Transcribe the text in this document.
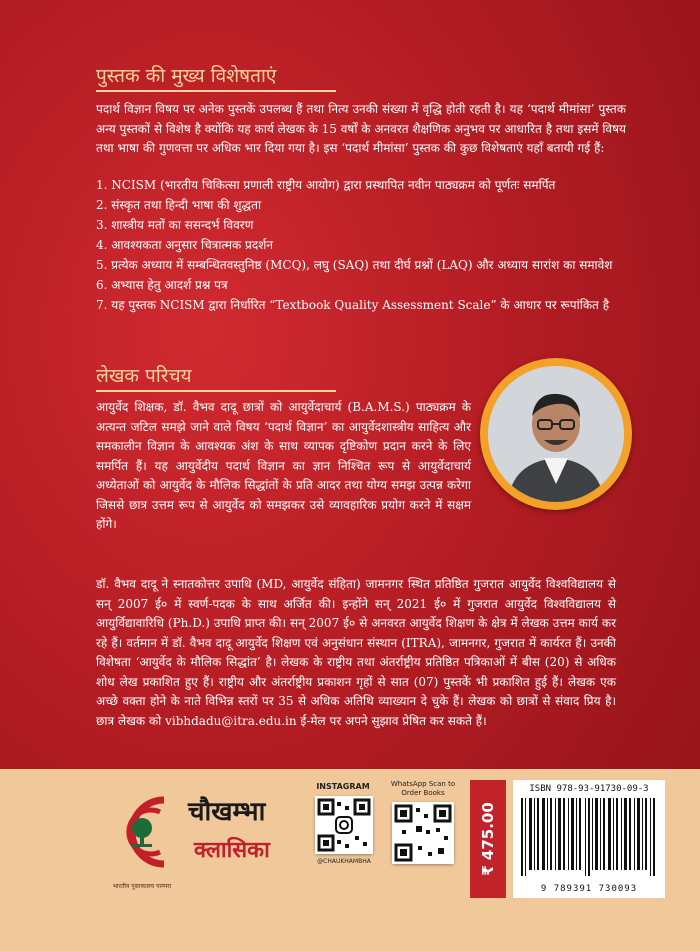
पुस्तक की मुख्य विशेषताएं
पदार्थ विज्ञान विषय पर अनेक पुस्तकें उपलब्ध हैं तथा नित्य उनकी संख्या में वृद्धि होती रहती है। यह ‘पदार्थ मीमांसा’ पुस्तक अन्य पुस्तकों से विशेष है क्योंकि यह कार्य लेखक के 15 वर्षों के अनवरत शैक्षणिक अनुभव पर आधारित है तथा इसमें विषय तथा भाषा की गुणवत्ता पर अधिक भार दिया गया है। इस ‘पदार्थ मीमांसा’ पुस्तक की कुछ विशेषताएं यहाँ बतायी गई हैं:
1. NCISM (भारतीय चिकित्सा प्रणाली राष्ट्रीय आयोग) द्वारा प्रस्थापित नवीन पाठ्यक्रम को पूर्णतः समर्पित
2. संस्कृत तथा हिन्दी भाषा की शुद्धता
3. शास्त्रीय मतों का ससन्दर्भ विवरण
4. आवश्यकता अनुसार चित्रात्मक प्रदर्शन
5. प्रत्येक अध्याय में सम्बन्धितवस्तुनिष्ठ (MCQ), लघु (SAQ) तथा दीर्घ प्रश्नों (LAQ) और अध्याय सारांश का समावेश
6. अभ्यास हेतु आदर्श प्रश्न पत्र
7. यह पुस्तक NCISM द्वारा निर्धारित “Textbook Quality Assessment Scale” के आधार पर रूपांकित है
लेखक परिचय
आयुर्वेद शिक्षक, डॉ. वैभव दादू छात्रों को आयुर्वेदाचार्य (B.A.M.S.) पाठ्यक्रम के अत्यन्त जटिल समझे जाने वाले विषय ‘पदार्थ विज्ञान’ का आयुर्वेदशास्त्रीय साहित्य और समकालीन विज्ञान के आवश्यक अंश के साथ व्यापक दृष्टिकोण प्रदान करने के लिए समर्पित हैं। यह आयुर्वेदीय पदार्थ विज्ञान का ज्ञान निश्चित रूप से आयुर्वेदाचार्य अध्येताओं को आयुर्वेद के मौलिक सिद्धांतों के प्रति आदर तथा योग्य समझ उत्पन्न करेगा जिससे छात्र उत्तम रूप से आयुर्वेद को समझकर उसे व्यावहारिक प्रयोग करने में सक्षम होंगे।
डॉ. वैभव दादू ने स्नातकोत्तर उपाधि (MD, आयुर्वेद संहिता) जामनगर स्थित प्रतिष्ठित गुजरात आयुर्वेद विश्वविद्यालय से सन् 2007 ई० में स्वर्ण-पदक के साथ अर्जित की। इन्होंने सन् 2021 ई० में गुजरात आयुर्वेद विश्वविद्यालय से आयुर्विद्यावारिधि (Ph.D.) उपाधि प्राप्त की। सन् 2007 ई० से अनवरत आयुर्वेद शिक्षण के क्षेत्र में लेखक उत्तम कार्य कर रहे हैं। वर्तमान में डॉ. वैभव दादू आयुर्वेद शिक्षण एवं अनुसंधान संस्थान (ITRA), जामनगर, गुजरात में कार्यरत हैं। उनकी विशेषता ‘आयुर्वेद के मौलिक सिद्धांत’ है। लेखक के राष्ट्रीय तथा अंतर्राष्ट्रीय प्रतिष्ठित पत्रिकाओं में बीस (20) से अधिक शोध लेख प्रकाशित हुए हैं। राष्ट्रीय और अंतर्राष्ट्रीय प्रकाशन गृहों से सात (07) पुस्तकें भी प्रकाशित हुई हैं। लेखक एक अच्छे वक्ता होने के नाते विभिन्न स्तरों पर 35 से अधिक अतिथि व्याख्यान दे चुके हैं। लेखक को छात्रों से संवाद प्रिय है। छात्र लेखक को vibhdadu@itra.edu.in ई-मेल पर अपने सुझाव प्रेषित कर सकते हैं।
भारतीय पुस्तकालय परम्परा
चौखम्भा
क्लासिका
INSTAGRAM
@CHAUKHAMBHA
WhatsApp Scan to Order Books
₹ 475.00
ISBN 978-93-91730-09-3
9 789391 730093
